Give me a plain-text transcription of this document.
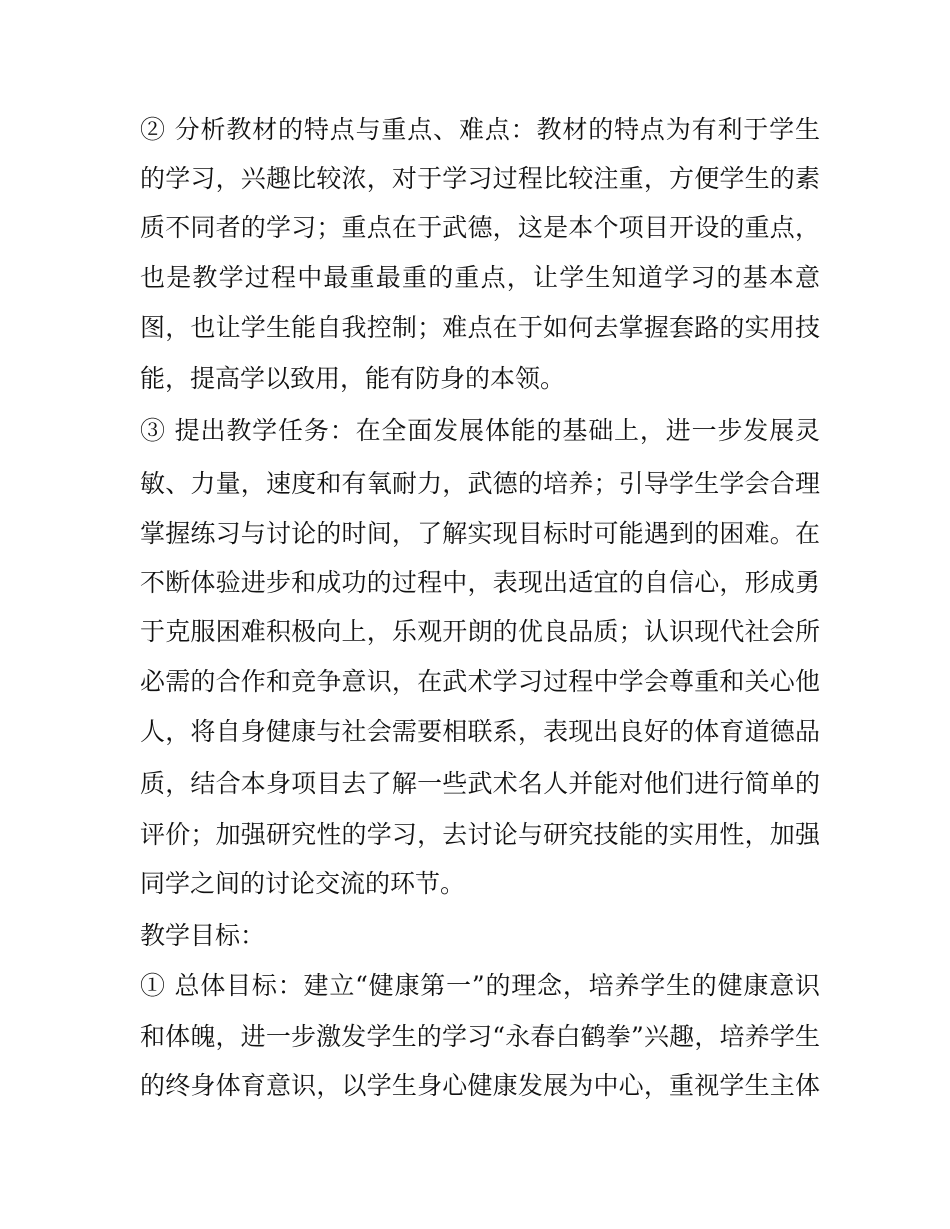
② 分析教材的特点与重点、难点：教材的特点为有利于学生
的学习，兴趣比较浓，对于学习过程比较注重，方便学生的素
质不同者的学习；重点在于武德，这是本个项目开设的重点，
也是教学过程中最重最重的重点，让学生知道学习的基本意
图，也让学生能自我控制；难点在于如何去掌握套路的实用技
能，提高学以致用，能有防身的本领。
③ 提出教学任务：在全面发展体能的基础上，进一步发展灵
敏、力量，速度和有氧耐力，武德的培养；引导学生学会合理
掌握练习与讨论的时间，了解实现目标时可能遇到的困难。在
不断体验进步和成功的过程中，表现出适宜的自信心，形成勇
于克服困难积极向上，乐观开朗的优良品质；认识现代社会所
必需的合作和竞争意识，在武术学习过程中学会尊重和关心他
人，将自身健康与社会需要相联系，表现出良好的体育道德品
质，结合本身项目去了解一些武术名人并能对他们进行简单的
评价；加强研究性的学习，去讨论与研究技能的实用性，加强
同学之间的讨论交流的环节。
教学目标：
① 总体目标：建立“健康第一”的理念，培养学生的健康意识
和体魄，进一步激发学生的学习“永春白鹤拳”兴趣，培养学生
的终身体育意识，以学生身心健康发展为中心，重视学生主体
